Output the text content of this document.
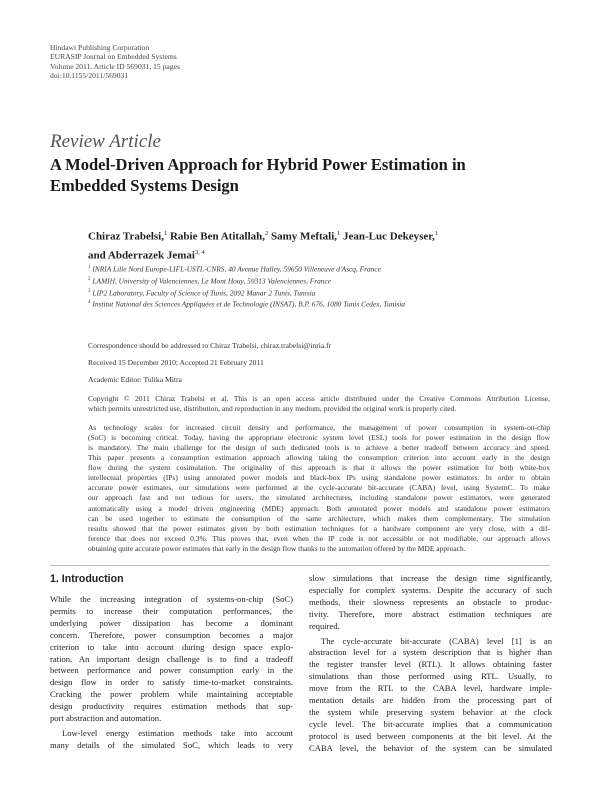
Hindawi Publishing Corporation
EURASIP Journal on Embedded Systems
Volume 2011, Article ID 569031, 15 pages
doi:10.1155/2011/569031
Review Article
A Model-Driven Approach for Hybrid Power Estimation in
Embedded Systems Design
Chiraz Trabelsi,$^1$ Rabie Ben Atitallah,$^2$ Samy Meftali,$^1$ Jean-Luc Dekeyser,$^1$
and Abderrazek Jemai$^{3, 4}$
$^1$ INRIA Lille Nord Europe-LIFL-USTL-CNRS, 40 Avenue Halley, 59650 Villeneuve d'Ascq, France
$^2$ LAMIH, University of Valenciennes, Le Mont Houy, 59313 Valenciennes, France
$^3$ LIP2 Laboratory, Faculty of Science of Tunis, 2092 Manar 2 Tunis, Tunisia
$^4$ Institut National des Sciences Appliquées et de Technologie (INSAT), B.P. 676, 1080 Tunis Cedex, Tunisia
Correspondence should be addressed to Chiraz Trabelsi, chiraz.trabelsi@inria.fr
Received 15 December 2010; Accepted 21 February 2011
Academic Editor: Tulika Mitra
Copyright © 2011 Chiraz Trabelsi et al. This is an open access article distributed under the Creative Commons Attribution License,
which permits unrestricted use, distribution, and reproduction in any medium, provided the original work is properly cited.
As technology scales for increased circuit density and performance, the management of power consumption in system-on-chip
(SoC) is becoming critical. Today, having the appropriate electronic system level (ESL) tools for power estimation in the design flow
is mandatory. The main challenge for the design of such dedicated tools is to achieve a better tradeoff between accuracy and speed.
This paper presents a consumption estimation approach allowing taking the consumption criterion into account early in the design
flow during the system cosimulation. The originality of this approach is that it allows the power estimation for both white-box
intellectual properties (IPs) using annotated power models and black-box IPs using standalone power estimators. In order to obtain
accurate power estimates, our simulations were performed at the cycle-accurate bit-accurate (CABA) level, using SystemC. To make
our approach fast and not tedious for users, the simulated architectures, including standalone power estimators, were generated
automatically using a model driven engineering (MDE) approach. Both annotated power models and standalone power estimators
can be used together to estimate the consumption of the same architecture, which makes them complementary. The simulation
results showed that the power estimates given by both estimation techniques for a hardware component are very close, with a dif-
ference that does not exceed 0.3%. This proves that, even when the IP code is not accessible or not modifiable, our approach allows
obtaining quite accurate power estimates that early in the design flow thanks to the automation offered by the MDE approach.
1. Introduction
While the increasing integration of systems-on-chip (SoC)
permits to increase their computation performances, the
underlying power dissipation has become a dominant
concern. Therefore, power consumption becomes a major
criterion to take into account during design space explo-
ration. An important design challenge is to find a tradeoff
between performance and power consumption early in the
design flow in order to satisfy time-to-market constraints.
Cracking the power problem while maintaining acceptable
design productivity requires estimation methods that sup-
port abstraction and automation.
Low-level energy estimation methods take into account
many details of the simulated SoC, which leads to very
slow simulations that increase the design time significantly,
especially for complex systems. Despite the accuracy of such
methods, their slowness represents an obstacle to produc-
tivity. Therefore, more abstract estimation techniques are
required.
The cycle-accurate bit-accurate (CABA) level [1] is an
abstraction level for a system description that is higher than
the register transfer level (RTL). It allows obtaining faster
simulations than those performed using RTL. Usually, to
move from the RTL to the CABA level, hardware imple-
mentation details are hidden from the processing part of
the system while preserving system behavior at the clock
cycle level. The bit-accurate implies that a communication
protocol is used between components at the bit level. At the
CABA level, the behavior of the system can be simulated
